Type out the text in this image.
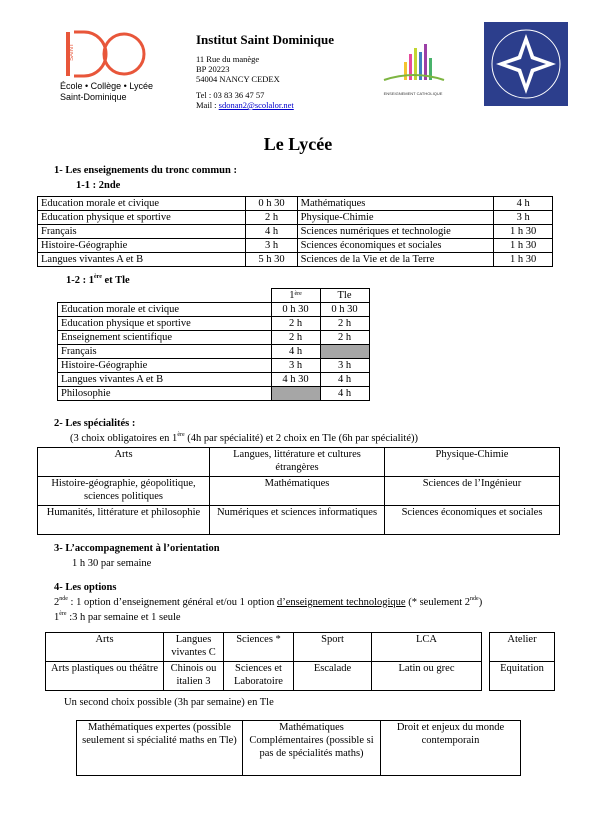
SAINT
École • Collège • Lycée
Saint-Dominique
Institut Saint Dominique
11 Rue du manège
BP 20223
54004 NANCY CEDEX
Tel : 03 83 36 47 57
Mail : sdonan2@scolalor.net
ENSEIGNEMENT CATHOLIQUE
Le Lycée
1- Les enseignements du tronc commun :
1-1 : 2nde
Education morale et civique	0 h 30	Mathématiques	4 h
Education physique et sportive	2 h	Physique-Chimie	3 h
Français	4 h	Sciences numériques et technologie	1 h 30
Histoire-Géographie	3 h	Sciences économiques et sociales	1 h 30
Langues vivantes A et B	5 h 30	Sciences de la Vie et de la Terre	1 h 30
1-2 : 1ère et Tle
	1ère	Tle
Education morale et civique	0 h 30	0 h 30
Education physique et sportive	2 h	2 h
Enseignement scientifique	2 h	2 h
Français	4 h	
Histoire-Géographie	3 h	3 h
Langues vivantes A et B	4 h 30	4 h
Philosophie		4 h
2- Les spécialités :
(3 choix obligatoires en 1ère (4h par spécialité) et 2 choix en Tle (6h par spécialité))
Arts	Langues, littérature et cultures étrangères	Physique-Chimie
Histoire-géographie, géopolitique, sciences politiques	Mathématiques	Sciences de l’Ingénieur
Humanités, littérature et philosophie	Numériques et sciences informatiques	Sciences économiques et sociales
3- L’accompagnement à l’orientation
1 h 30 par semaine
4- Les options
2nde : 1 option d’enseignement général et/ou 1 option d’enseignement technologique (* seulement 2nde)
1ère :3 h par semaine et 1 seule
Arts	Langues vivantes C	Sciences *	Sport	LCA
Arts plastiques ou théâtre	Chinois ou italien 3	Sciences et Laboratoire	Escalade	Latin ou grec
Atelier
Equitation
Un second choix possible (3h par semaine) en Tle
Mathématiques expertes (possible seulement si spécialité maths en Tle)	Mathématiques Complémentaires (possible si pas de spécialités maths)	Droit et enjeux du monde contemporain
